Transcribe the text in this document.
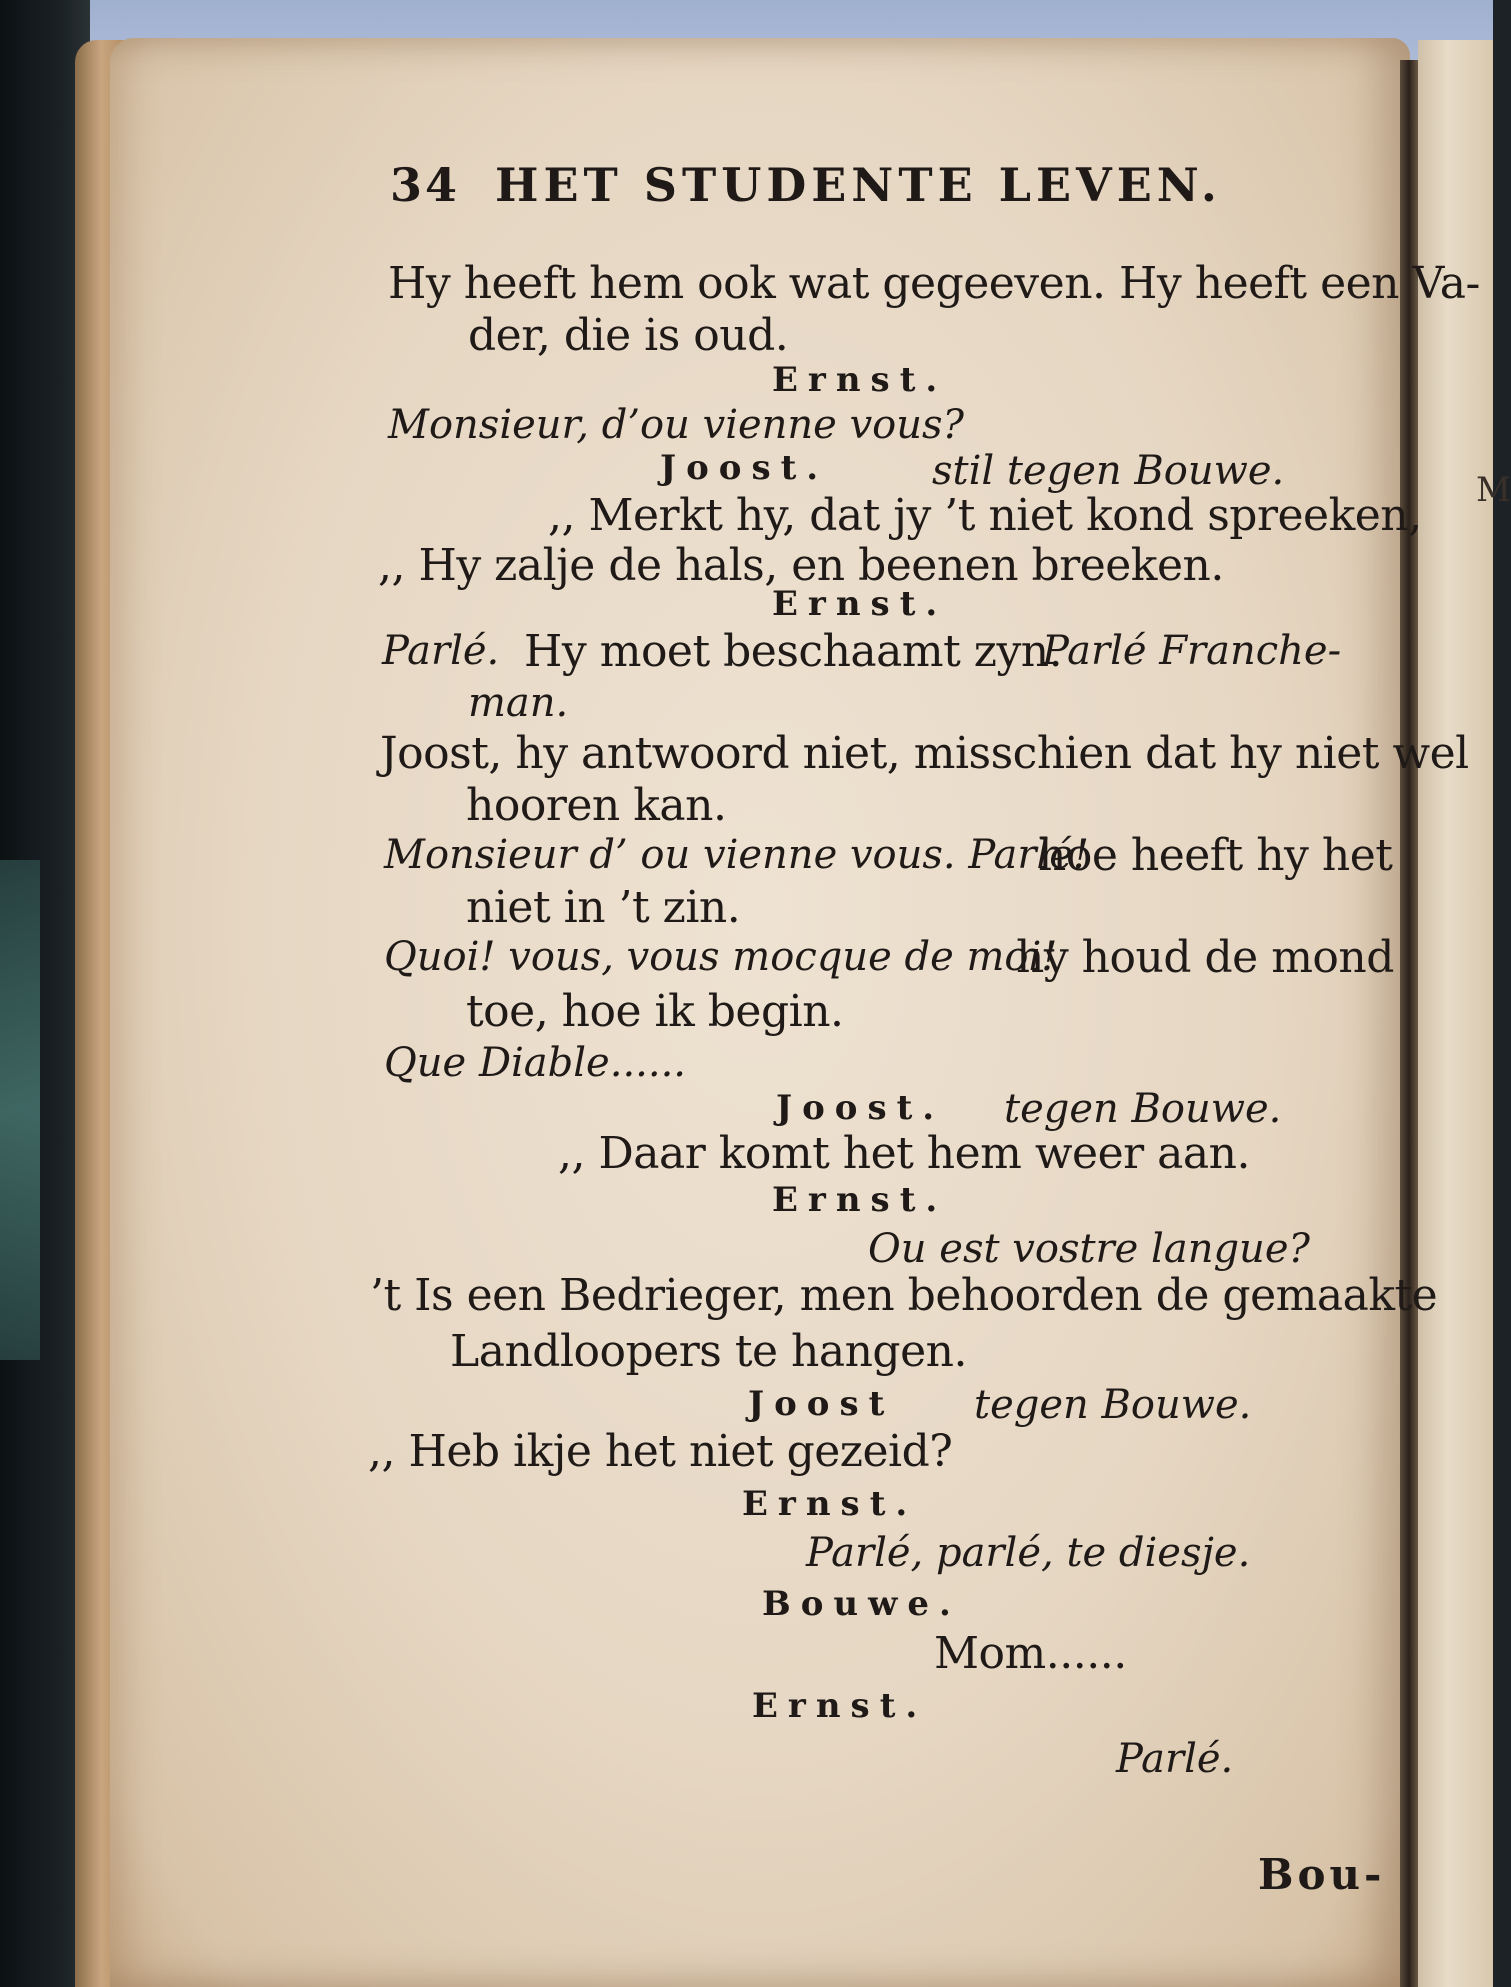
M
34 HET STUDENTE LEVEN.
Hy heeft hem ook wat gegeeven. Hy heeft een Va-
der, die is oud.
Ernst.
Monsieur, d’ou vienne vous?
Joost.	stil tegen Bouwe.
,, Merkt hy, dat jy ’t niet kond spreeken,
,, Hy zalje de hals, en beenen breeken.
Ernst.
Parlé. Hy moet beschaamt zyn.
Parlé Franche-
man.
Joost, hy antwoord niet, misschien dat hy niet wel
hooren kan.
Monsieur d’ ou vienne vous. Parlé!
hoe heeft hy het
niet in ’t zin.
Quoi! vous, vous mocque de moi!
hy houd de mond
toe, hoe ik begin.
Que Diable......
Joost. tegen Bouwe.
,, Daar komt het hem weer aan.
Ernst.
Ou est vostre langue?
’t Is een Bedrieger, men behoorden de gemaakte
Landloopers te hangen.
Joost tegen Bouwe.
,, Heb ikje het niet gezeid?
Ernst.
Parlé, parlé, te diesje.
Bouwe.
Mom......
Ernst.
Parlé.
Bou-
